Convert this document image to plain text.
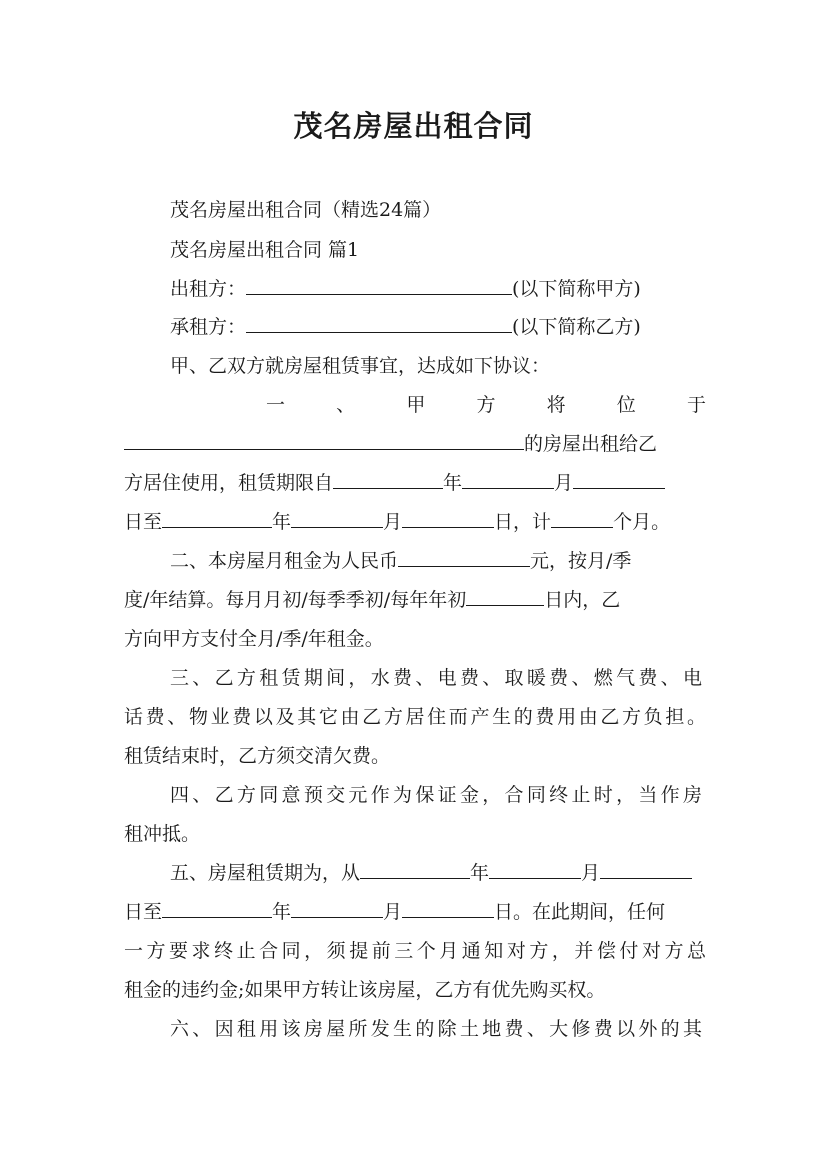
茂名房屋出租合同
茂名房屋出租合同（精选24篇）
茂名房屋出租合同 篇1
出租方：	(以下简称甲方)
承租方：	(以下简称乙方)
甲、乙双方就房屋租赁事宜，达成如下协议：
一	、	甲	方	将	位	于
的房屋出租给乙
方居住使用，租赁期限自	年	月
日至	年	月	日，计	个月。
二、本房屋月租金为人民币	元，按月/季
度/年结算。每月月初/每季季初/每年年初	日内，乙
方向甲方支付全月/季/年租金。
三、乙方租赁期间，水费、电费、取暖费、燃气费、电
话费、物业费以及其它由乙方居住而产生的费用由乙方负担。
租赁结束时，乙方须交清欠费。
四、乙方同意预交元作为保证金，合同终止时，当作房
租冲抵。
五、房屋租赁期为，从	年	月
日至	年	月	日。在此期间，任何
一方要求终止合同，须提前三个月通知对方，并偿付对方总
租金的违约金;如果甲方转让该房屋，乙方有优先购买权。
六、因租用该房屋所发生的除土地费、大修费以外的其
